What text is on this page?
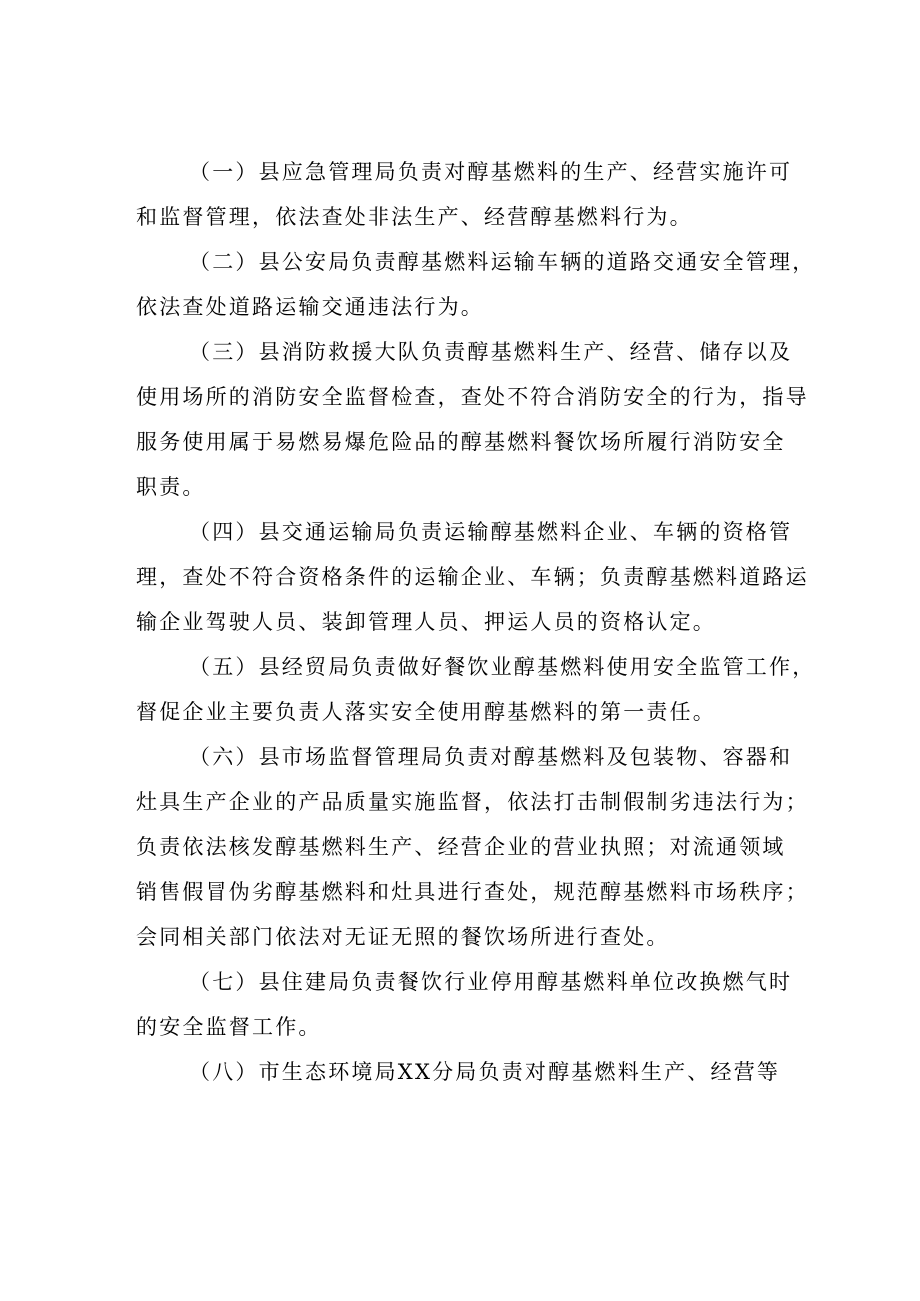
（一）县应急管理局负责对醇基燃料的生产、经营实施许可
和监督管理，依法查处非法生产、经营醇基燃料行为。
（二）县公安局负责醇基燃料运输车辆的道路交通安全管理，
依法查处道路运输交通违法行为。
（三）县消防救援大队负责醇基燃料生产、经营、储存以及
使用场所的消防安全监督检查，查处不符合消防安全的行为，指导
服务使用属于易燃易爆危险品的醇基燃料餐饮场所履行消防安全
职责。
（四）县交通运输局负责运输醇基燃料企业、车辆的资格管
理，查处不符合资格条件的运输企业、车辆；负责醇基燃料道路运
输企业驾驶人员、装卸管理人员、押运人员的资格认定。
（五）县经贸局负责做好餐饮业醇基燃料使用安全监管工作，
督促企业主要负责人落实安全使用醇基燃料的第一责任。
（六）县市场监督管理局负责对醇基燃料及包装物、容器和
灶具生产企业的产品质量实施监督，依法打击制假制劣违法行为；
负责依法核发醇基燃料生产、经营企业的营业执照；对流通领域
销售假冒伪劣醇基燃料和灶具进行查处，规范醇基燃料市场秩序；
会同相关部门依法对无证无照的餐饮场所进行查处。
（七）县住建局负责餐饮行业停用醇基燃料单位改换燃气时
的安全监督工作。
（八）市生态环境局XX分局负责对醇基燃料生产、经营等
